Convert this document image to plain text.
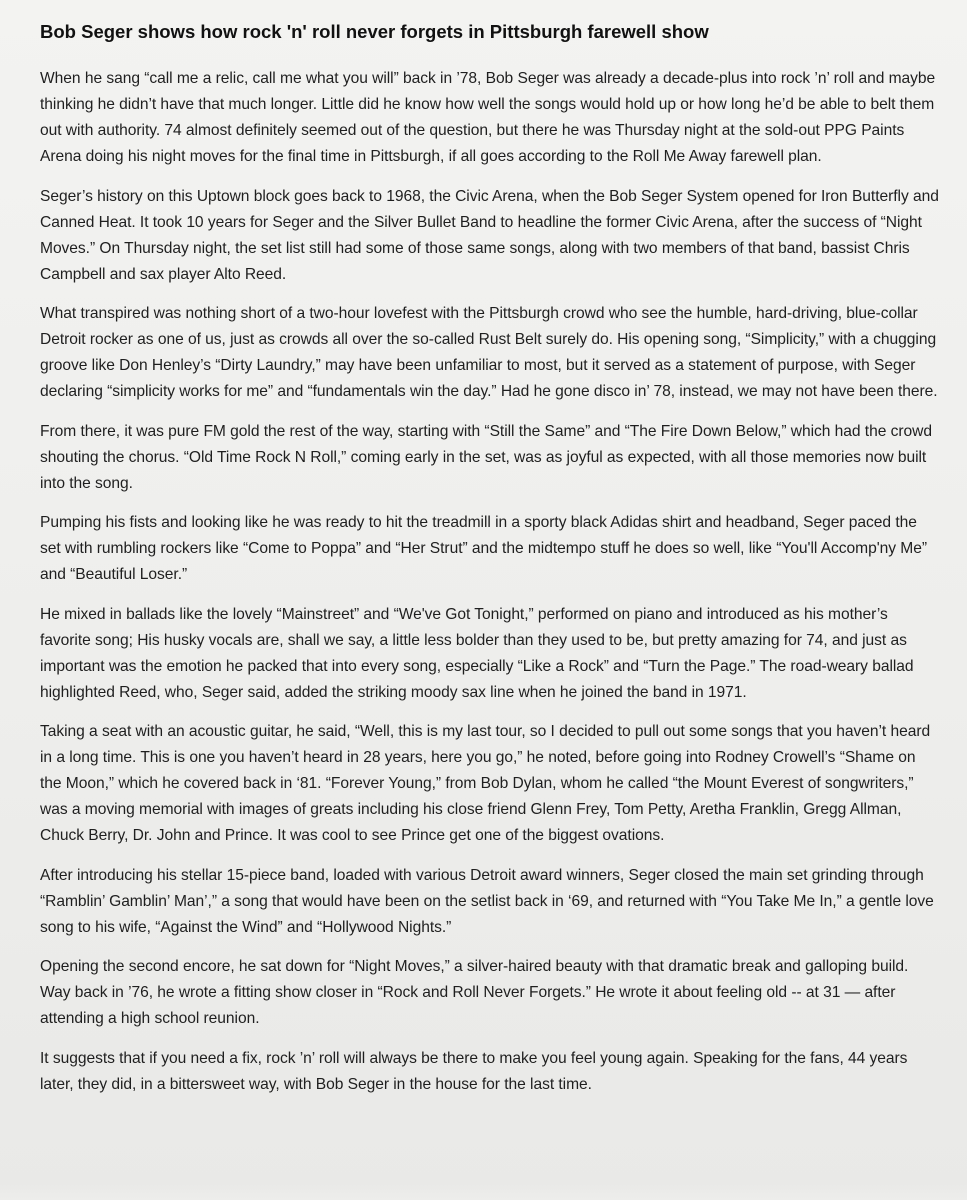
Bob Seger shows how rock 'n' roll never forgets in Pittsburgh farewell show

When he sang “call me a relic, call me what you will” back in ’78, Bob Seger was already a decade-plus into rock ’n’ roll and maybe thinking he didn’t have that much longer. Little did he know how well the songs would hold up or how long he’d be able to belt them out with authority. 74 almost definitely seemed out of the question, but there he was Thursday night at the sold-out PPG Paints Arena doing his night moves for the final time in Pittsburgh, if all goes according to the Roll Me Away farewell plan.

Seger’s history on this Uptown block goes back to 1968, the Civic Arena, when the Bob Seger System opened for Iron Butterfly and Canned Heat. It took 10 years for Seger and the Silver Bullet Band to headline the former Civic Arena, after the success of “Night Moves.” On Thursday night, the set list still had some of those same songs, along with two members of that band, bassist Chris Campbell and sax player Alto Reed.

What transpired was nothing short of a two-hour lovefest with the Pittsburgh crowd who see the humble, hard-driving, blue-collar Detroit rocker as one of us, just as crowds all over the so-called Rust Belt surely do. His opening song, “Simplicity,” with a chugging groove like Don Henley’s “Dirty Laundry,” may have been unfamiliar to most, but it served as a statement of purpose, with Seger declaring “simplicity works for me” and “fundamentals win the day.” Had he gone disco in’ 78, instead, we may not have been there.

From there, it was pure FM gold the rest of the way, starting with “Still the Same” and “The Fire Down Below,” which had the crowd shouting the chorus. “Old Time Rock N Roll,” coming early in the set, was as joyful as expected, with all those memories now built into the song.

Pumping his fists and looking like he was ready to hit the treadmill in a sporty black Adidas shirt and headband, Seger paced the set with rumbling rockers like “Come to Poppa” and “Her Strut” and the midtempo stuff he does so well, like “You'll Accomp'ny Me” and “Beautiful Loser.”

He mixed in ballads like the lovely “Mainstreet” and “We've Got Tonight,” performed on piano and introduced as his mother’s favorite song; His husky vocals are, shall we say, a little less bolder than they used to be, but pretty amazing for 74, and just as important was the emotion he packed that into every song, especially “Like a Rock” and “Turn the Page.” The road-weary ballad highlighted Reed, who, Seger said, added the striking moody sax line when he joined the band in 1971.

Taking a seat with an acoustic guitar, he said, “Well, this is my last tour, so I decided to pull out some songs that you haven’t heard in a long time. This is one you haven’t heard in 28 years, here you go,” he noted, before going into Rodney Crowell’s “Shame on the Moon,” which he covered back in ‘81. “Forever Young,” from Bob Dylan, whom he called “the Mount Everest of songwriters,” was a moving memorial with images of greats including his close friend Glenn Frey, Tom Petty, Aretha Franklin, Gregg Allman, Chuck Berry, Dr. John and Prince. It was cool to see Prince get one of the biggest ovations.

After introducing his stellar 15-piece band, loaded with various Detroit award winners, Seger closed the main set grinding through “Ramblin’ Gamblin’ Man’,” a song that would have been on the setlist back in ‘69, and returned with “You Take Me In,” a gentle love song to his wife, “Against the Wind” and “Hollywood Nights.”

Opening the second encore, he sat down for “Night Moves,” a silver-haired beauty with that dramatic break and galloping build. Way back in ’76, he wrote a fitting show closer in “Rock and Roll Never Forgets.” He wrote it about feeling old -- at 31 — after attending a high school reunion.

It suggests that if you need a fix, rock ’n’ roll will always be there to make you feel young again. Speaking for the fans, 44 years later, they did, in a bittersweet way, with Bob Seger in the house for the last time.
